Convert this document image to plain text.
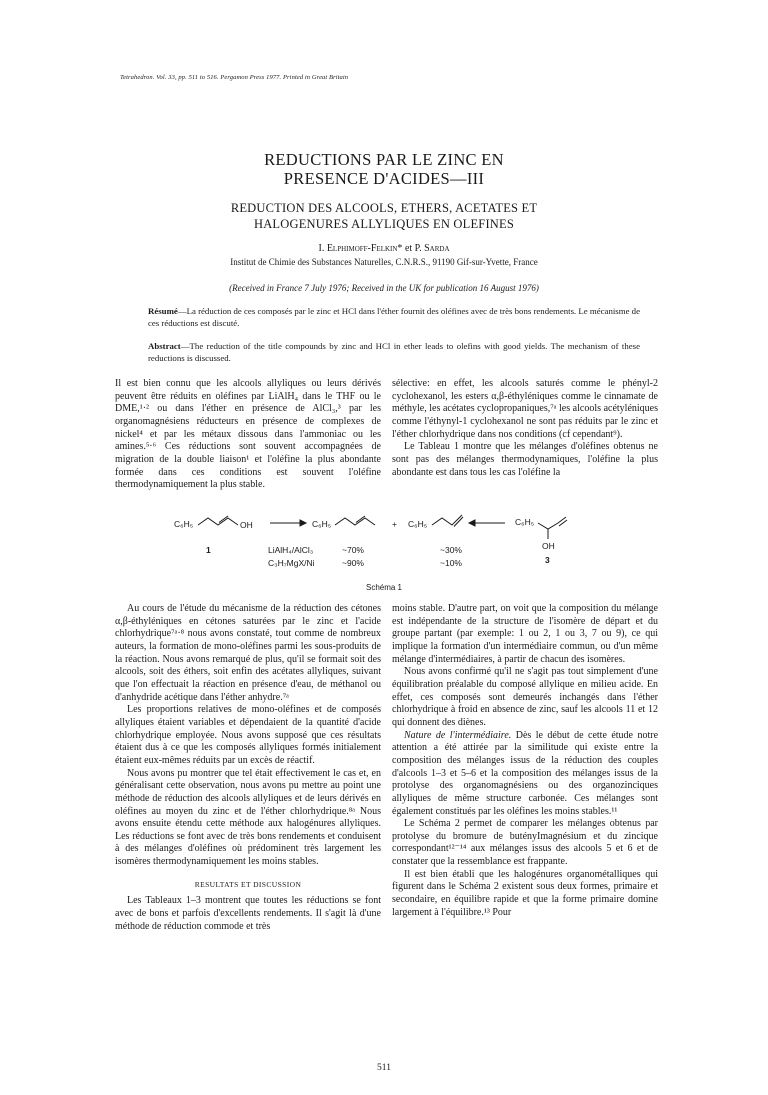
Tetrahedron. Vol. 33, pp. 511 to 516. Pergamon Press 1977. Printed in Great Britain
REDUCTIONS PAR LE ZINC EN
PRESENCE D'ACIDES—III
REDUCTION DES ALCOOLS, ETHERS, ACETATES ET
HALOGENURES ALLYLIQUES EN OLEFINES
I. Elphimoff-Felkin* et P. Sarda
Institut de Chimie des Substances Naturelles, C.N.R.S., 91190 Gif-sur-Yvette, France
(Received in France 7 July 1976; Received in the UK for publication 16 August 1976)
Résumé—La réduction de ces composés par le zinc et HCl dans l'éther fournit des oléfines avec de très bons rendements. Le mécanisme de ces réductions est discuté.
Abstract—The reduction of the title compounds by zinc and HCl in ether leads to olefins with good yields. The mechanism of these reductions is discussed.

Il est bien connu que les alcools allyliques ou leurs dérivés peuvent être réduits en oléfines par LiAlH₄ dans le THF ou le DME,¹·² ou dans l'éther en présence de AlCl₃,³ par les organomagnésiens réducteurs en présence de complexes de nickel⁴ et par les métaux dissous dans l'ammoniac ou les amines.⁵·⁶ Ces réductions sont souvent accompagnées de migration de la double liaison¹ et l'oléfine la plus abondante formée dans ces conditions est souvent l'oléfine thermodynamiquement la plus stable.

sélective: en effet, les alcools saturés comme le phényl-2 cyclohexanol, les esters α,β-éthyléniques comme le cinnamate de méthyle, les acétates cyclopropaniques,⁷ᵃ les alcools acétyléniques comme l'éthynyl-1 cyclohexanol ne sont pas réduits par le zinc et l'éther chlorhydrique dans nos conditions (cf cependant⁹).

Le Tableau 1 montre que les mélanges d'oléfines obtenus ne sont pas des mélanges thermodynamiques, l'oléfine la plus abondante est dans tous les cas l'oléfine la

C₆H₅	OH	C₆H₅	+ C₆H₅	C₆H₅
OH
1
3
LiAlH₄/AlCl₃
C₃H₇MgX/Ni
~70%
~90%
~30%
~10%
Schéma 1

Au cours de l'étude du mécanisme de la réduction des cétones α,β-éthyléniques en cétones saturées par le zinc et l'acide chlorhydrique⁷ᵃ·⁸ nous avons constaté, tout comme de nombreux auteurs, la formation de mono-oléfines parmi les sous-produits de la réaction. Nous avons remarqué de plus, qu'il se formait soit des alcools, soit des éthers, soit enfin des acétates allyliques, suivant que l'on effectuait la réaction en présence d'eau, de méthanol ou d'anhydride acétique dans l'éther anhydre.⁷ᵃ

Les proportions relatives de mono-oléfines et de composés allyliques étaient variables et dépendaient de la quantité d'acide chlorhydrique employée. Nous avons supposé que ces résultats étaient dus à ce que les composés allyliques formés initialement étaient eux-mêmes réduits par un excès de réactif.

Nous avons pu montrer que tel était effectivement le cas et, en généralisant cette observation, nous avons pu mettre au point une méthode de réduction des alcools allyliques et de leurs dérivés en oléfines au moyen du zinc et de l'éther chlorhydrique.⁸ᵃ Nous avons ensuite étendu cette méthode aux halogénures allyliques. Les réductions se font avec de très bons rendements et conduisent à des mélanges d'oléfines où prédominent très largement les isomères thermodynamiquement les moins stables.

RESULTATS ET DISCUSSION

Les Tableaux 1–3 montrent que toutes les réductions se font avec de bons et parfois d'excellents rendements. Il s'agit là d'une méthode de réduction commode et très

moins stable. D'autre part, on voit que la composition du mélange est indépendante de la structure de l'isomère de départ et du groupe partant (par exemple: 1 ou 2, 1 ou 3, 7 ou 9), ce qui implique la formation d'un intermédiaire commun, ou d'un même mélange d'intermédiaires, à partir de chacun des isomères.

Nous avons confirmé qu'il ne s'agit pas tout simplement d'une équilibration préalable du composé allylique en milieu acide. En effet, ces composés sont demeurés inchangés dans l'éther chlorhydrique à froid en absence de zinc, sauf les alcools 11 et 12 qui donnent des diènes.

Nature de l'intermédiaire. Dès le début de cette étude notre attention a été attirée par la similitude qui existe entre la composition des mélanges issus de la réduction des couples d'alcools 1–3 et 5–6 et la composition des mélanges issus de la protolyse des organomagnésiens ou des organozinciques allyliques de même structure carbonée. Ces mélanges sont également constitués par les oléfines les moins stables.¹¹

Le Schéma 2 permet de comparer les mélanges obtenus par protolyse du bromure de butényImagnésium et du zincique correspondant¹²⁻¹⁴ aux mélanges issus des alcools 5 et 6 et de constater que la ressemblance est frappante.

Il est bien établi que les halogénures organométalliques qui figurent dans le Schéma 2 existent sous deux formes, primaire et secondaire, en équilibre rapide et que la forme primaire domine largement à l'équilibre.¹³ Pour

511
